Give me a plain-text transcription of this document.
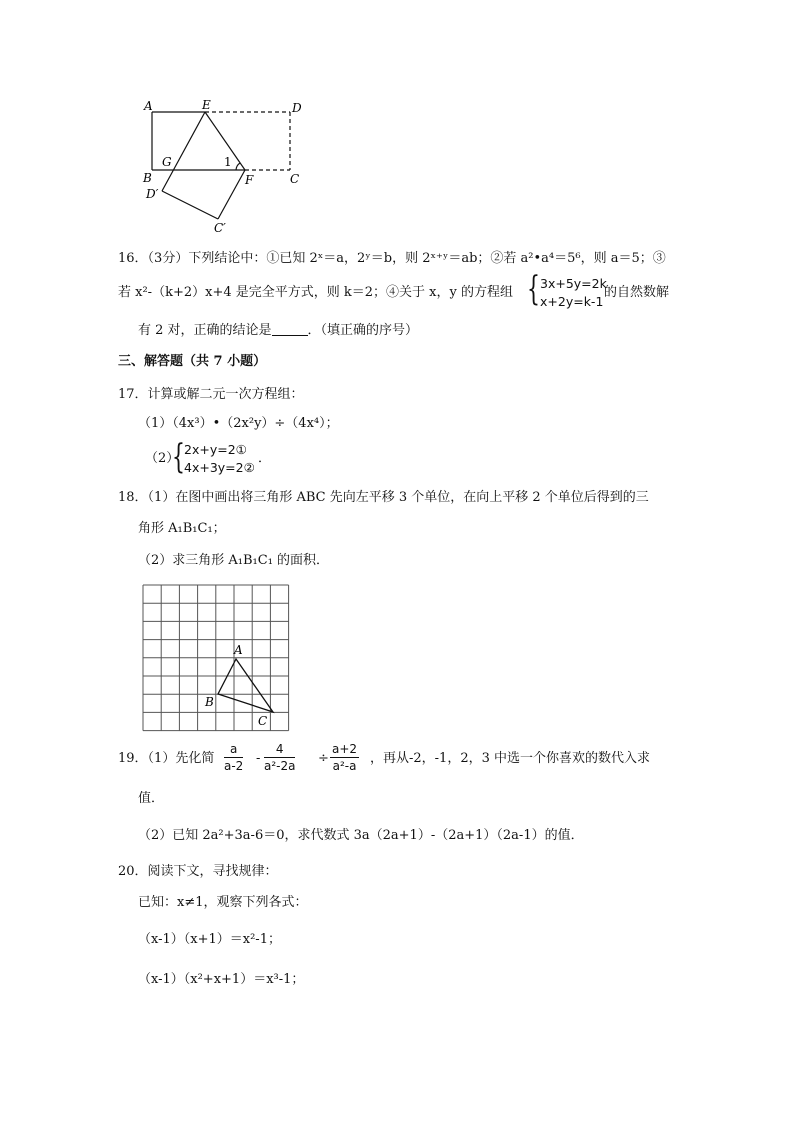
A	E	D
G	1
B	F	C
D′
C′
16．（3分）下列结论中：①已知 2ˣ＝a，2ʸ＝b，则 2ˣ⁺ʸ＝ab；②若 a²•a⁴＝5⁶，则 a＝5；③
若 x²-（k+2）x+4 是完全平方式，则 k＝2；④关于 x，y 的方程组 { 3x+5y=2k
x+2y=k-1
的自然数解
有 2 对，正确的结论是	．（填正确的序号）
三、解答题（共 7 小题）
17．计算或解二元一次方程组：
（1）（4x³）•（2x²y）÷（4x⁴）；
（2）
{ 2x+y=2①
4x+3y=2②
．
18．（1）在图中画出将三角形 ABC 先向左平移 3 个单位，在向上平移 2 个单位后得到的三
角形 A₁B₁C₁；
（2）求三角形 A₁B₁C₁ 的面积．
A
B
C
19．（1）先化简 $\frac{a}{a-2} - \frac{4}{\text{a²-2a}} \div \frac{a+2}{\text{a²-a}}$ ，再从-2，-1，2，3 中选一个你喜欢的数代入求
值．
（2）已知 2a²+3a-6＝0，求代数式 3a（2a+1）-（2a+1）（2a-1）的值．
20．阅读下文，寻找规律：
已知：x≠1，观察下列各式：
（x-1）（x+1）＝x²-1；
（x-1）（x²+x+1）＝x³-1；
